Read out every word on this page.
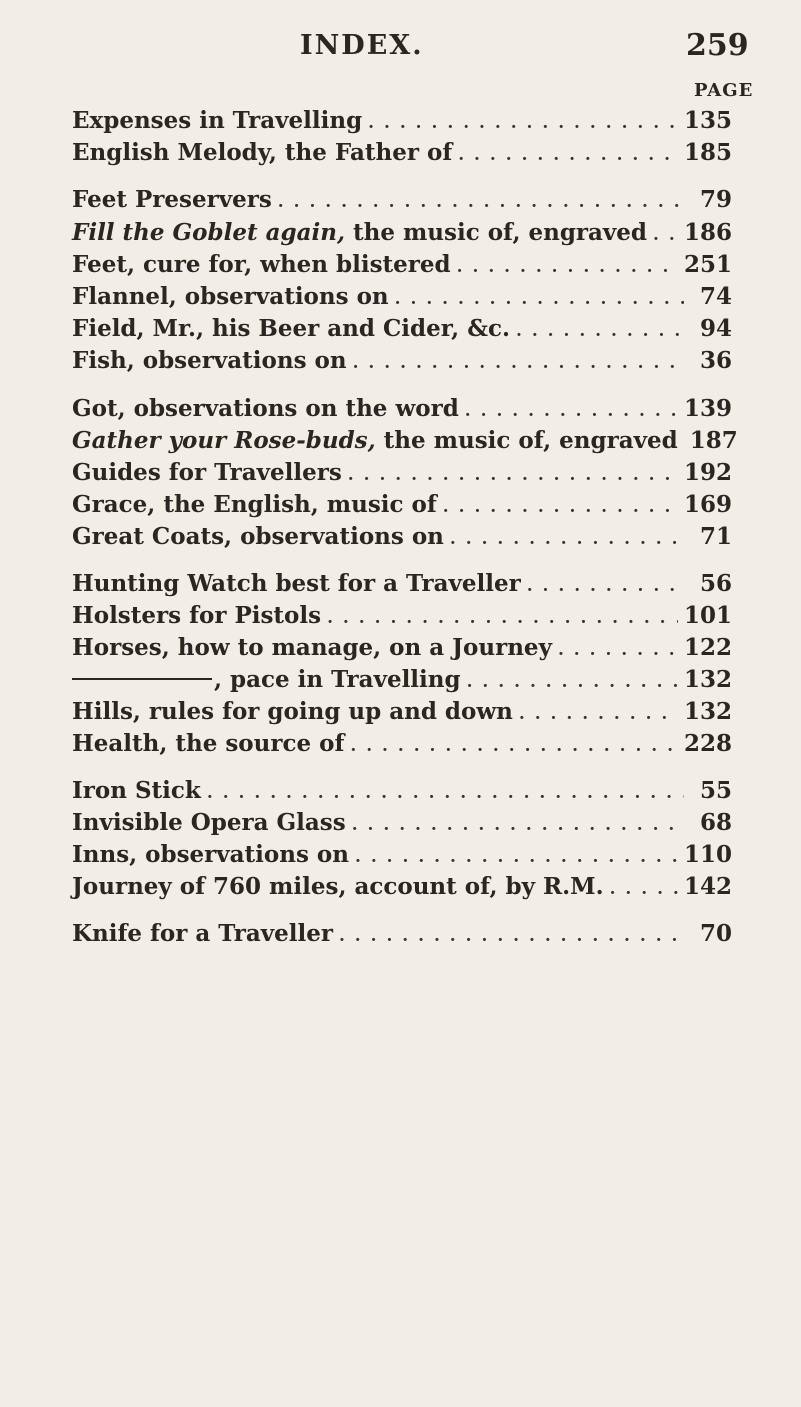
INDEX.	259
PAGE
Expenses in Travelling . . .	135
English Melody, the Father of . . .	185
Feet Preservers . . .	79
Fill the Goblet again, the music of, engraved . . . 186
Feet, cure for, when blistered . . .	251
Flannel, observations on . . .	74
Field, Mr., his Beer and Cider, &c. . . .	94
Fish, observations on . . .	36
Got, observations on the word . . .	139
Gather your Rose-buds, the music of, engraved 187
Guides for Travellers . . .	192
Grace, the English, music of . . .	169
Great Coats, observations on . . .	71
Hunting Watch best for a Traveller . . .	56
Holsters for Pistols . . .	101
Horses, how to manage, on a Journey . . .	122
, pace in Travelling . . .	132
Hills, rules for going up and down . . .	132
Health, the source of . . .	228
Iron Stick . . .	55
Invisible Opera Glass . . .	68
Inns, observations on . . .	110
Journey of 760 miles, account of, by R.M. . . .	142
Knife for a Traveller . . .	70
